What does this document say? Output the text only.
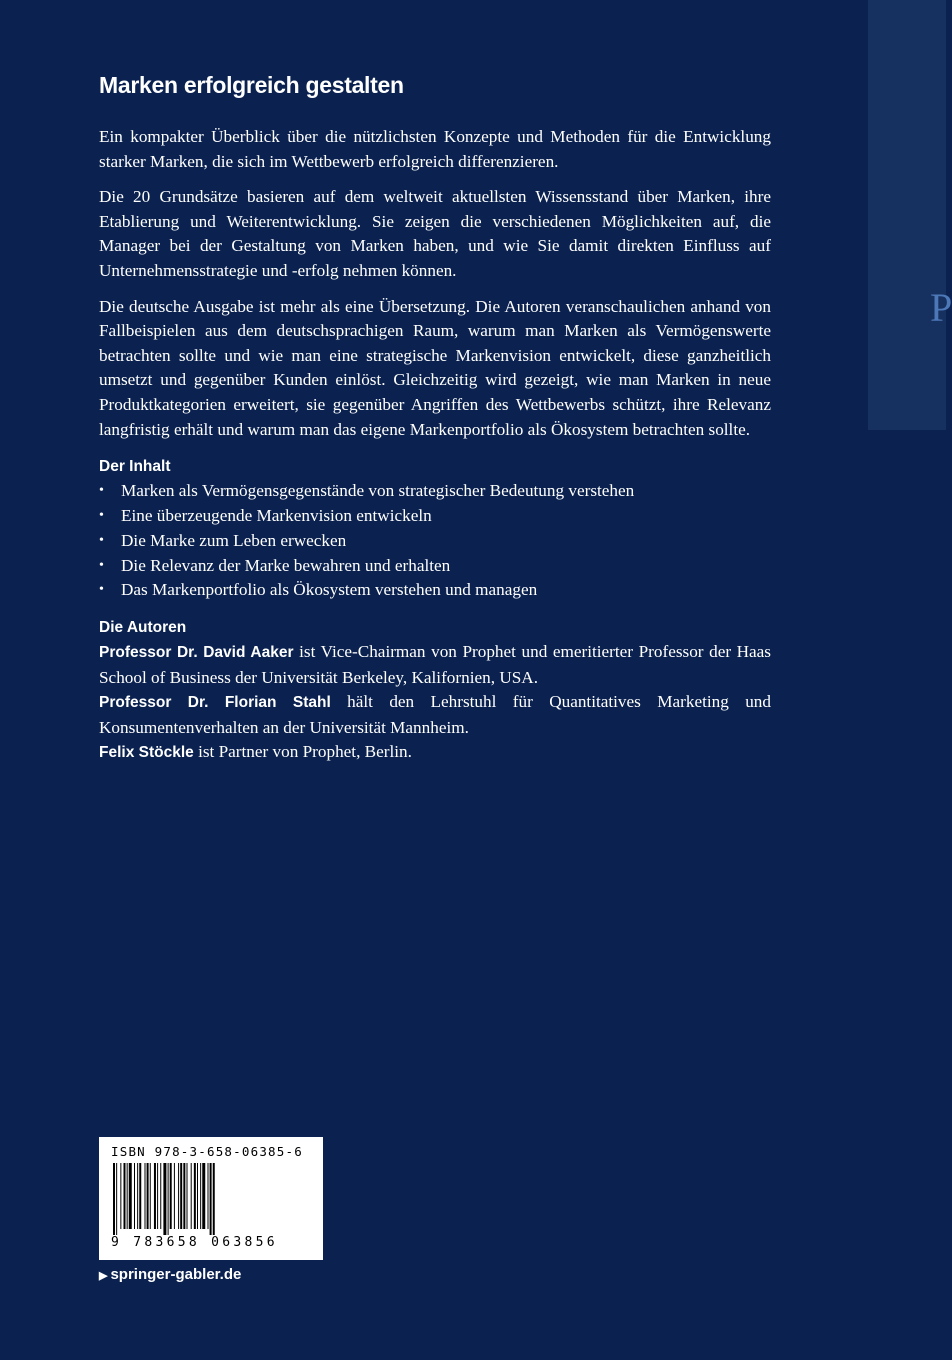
P
Marken erfolgreich gestalten

Ein kompakter Überblick über die nützlichsten Konzepte und Methoden für die Entwicklung starker Marken, die sich im Wettbewerb erfolgreich differenzieren.

Die 20 Grundsätze basieren auf dem weltweit aktuellsten Wissensstand über Marken, ihre Etablierung und Weiterentwicklung. Sie zeigen die verschiedenen Möglichkeiten auf, die Manager bei der Gestaltung von Marken haben, und wie Sie damit direkten Einfluss auf Unternehmensstrategie und -erfolg nehmen können.

Die deutsche Ausgabe ist mehr als eine Übersetzung. Die Autoren veranschaulichen anhand von Fallbeispielen aus dem deutschsprachigen Raum, warum man Marken als Vermögenswerte betrachten sollte und wie man eine strategische Markenvision entwickelt, diese ganzheitlich umsetzt und gegenüber Kunden einlöst. Gleichzeitig wird gezeigt, wie man Marken in neue Produktkategorien erweitert, sie gegenüber Angriffen des Wettbewerbs schützt, ihre Relevanz langfristig erhält und warum man das eigene Markenportfolio als Ökosystem betrachten sollte.

Der Inhalt
• Marken als Vermögensgegenstände von strategischer Bedeutung verstehen
• Eine überzeugende Markenvision entwickeln
• Die Marke zum Leben erwecken
• Die Relevanz der Marke bewahren und erhalten
• Das Markenportfolio als Ökosystem verstehen und managen
Die Autoren
Professor Dr. David Aaker ist Vice-Chairman von Prophet und emeritierter Professor der Haas School of Business der Universität Berkeley, Kalifornien, USA.
Professor Dr. Florian Stahl hält den Lehrstuhl für Quantitatives Marketing und Konsumentenverhalten an der Universität Mannheim.
Felix Stöckle ist Partner von Prophet, Berlin.
ISBN 978-3-658-06385-6
9 783658 063856
▶ springer-gabler.de
